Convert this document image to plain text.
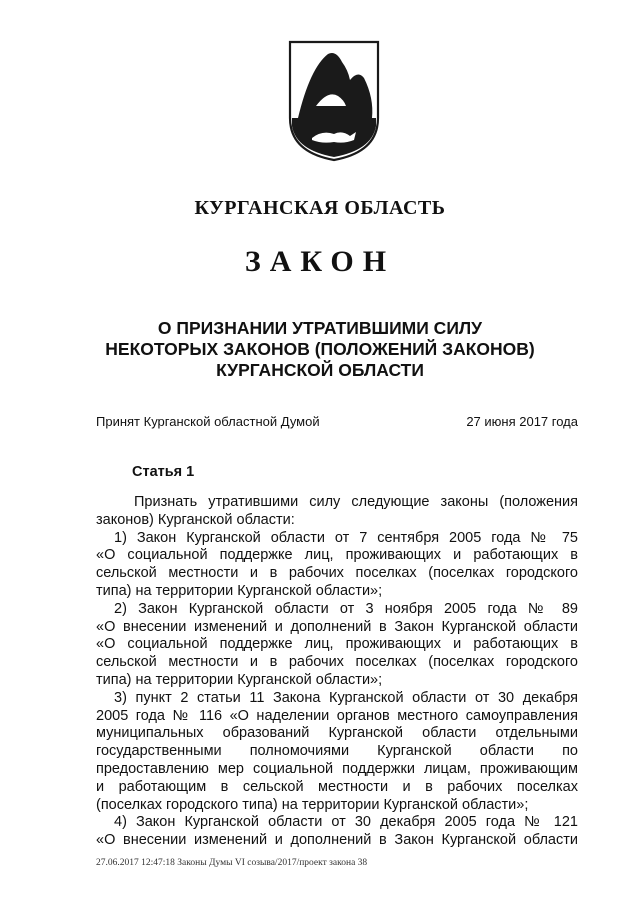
КУРГАНСКАЯ ОБЛАСТЬ
ЗАКОН
О ПРИЗНАНИИ УТРАТИВШИМИ СИЛУ
НЕКОТОРЫХ ЗАКОНОВ (ПОЛОЖЕНИЙ ЗАКОНОВ)
КУРГАНСКОЙ ОБЛАСТИ
Принят Курганской областной Думой	27 июня 2017 года
Статья 1
Признать утратившими силу следующие законы (положения
законов) Курганской области:
1) Закон Курганской области от 7 сентября 2005 года № 75
«О социальной поддержке лиц, проживающих и работающих в
сельской местности и в рабочих поселках (поселках городского
типа) на территории Курганской области»;
2) Закон Курганской области от 3 ноября 2005 года № 89
«О внесении изменений и дополнений в Закон Курганской области
«О социальной поддержке лиц, проживающих и работающих в
сельской местности и в рабочих поселках (поселках городского
типа) на территории Курганской области»;
3) пункт 2 статьи 11 Закона Курганской области от 30 декабря
2005 года № 116 «О наделении органов местного самоуправления
муниципальных образований Курганской области отдельными
государственными полномочиями Курганской области по
предоставлению мер социальной поддержки лицам, проживающим
и работающим в сельской местности и в рабочих поселках
(поселках городского типа) на территории Курганской области»;
4) Закон Курганской области от 30 декабря 2005 года № 121
«О внесении изменений и дополнений в Закон Курганской области
27.06.2017 12:47:18 Законы Думы VI созыва/2017/проект закона 38
